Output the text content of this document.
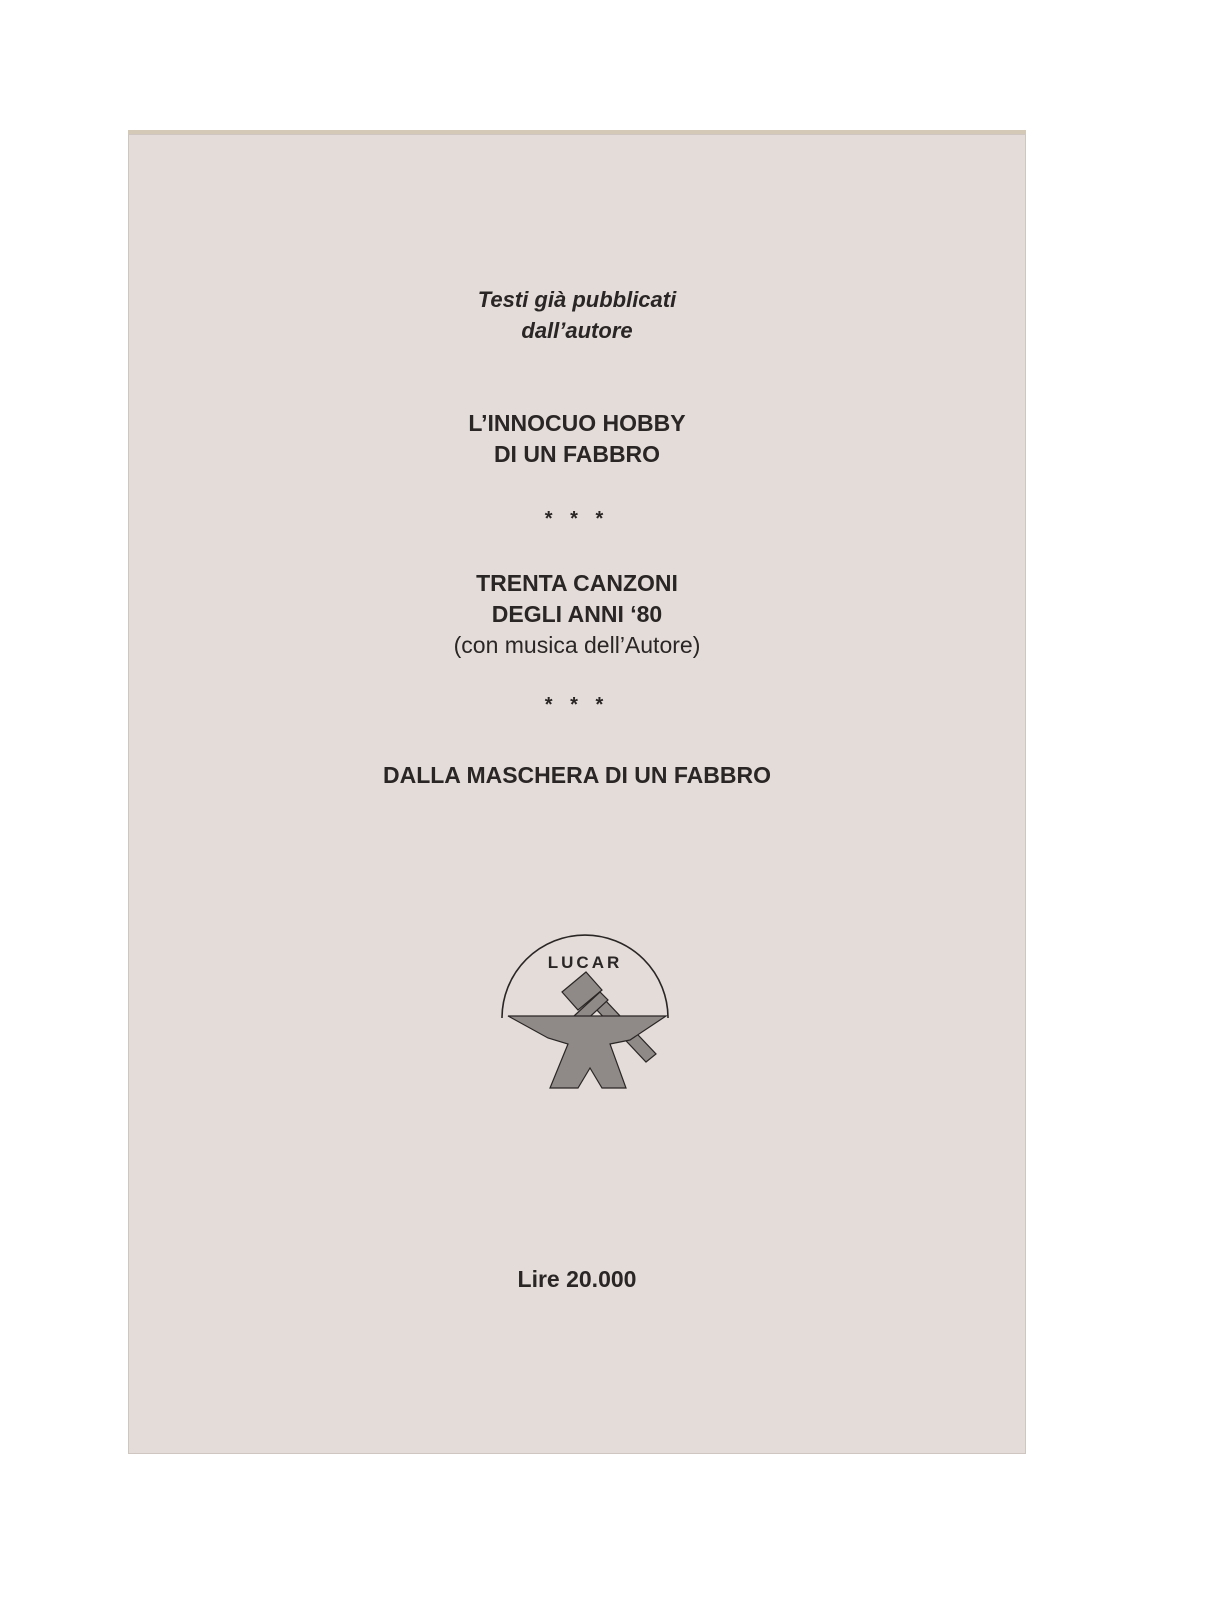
Testi già pubblicati
dall’autore
L’INNOCUO HOBBY
DI UN FABBRO
* * *
TRENTA CANZONI
DEGLI ANNI ‘80
(con musica dell’Autore)
* * *
DALLA MASCHERA DI UN FABBRO
LUCAR
Lire 20.000
